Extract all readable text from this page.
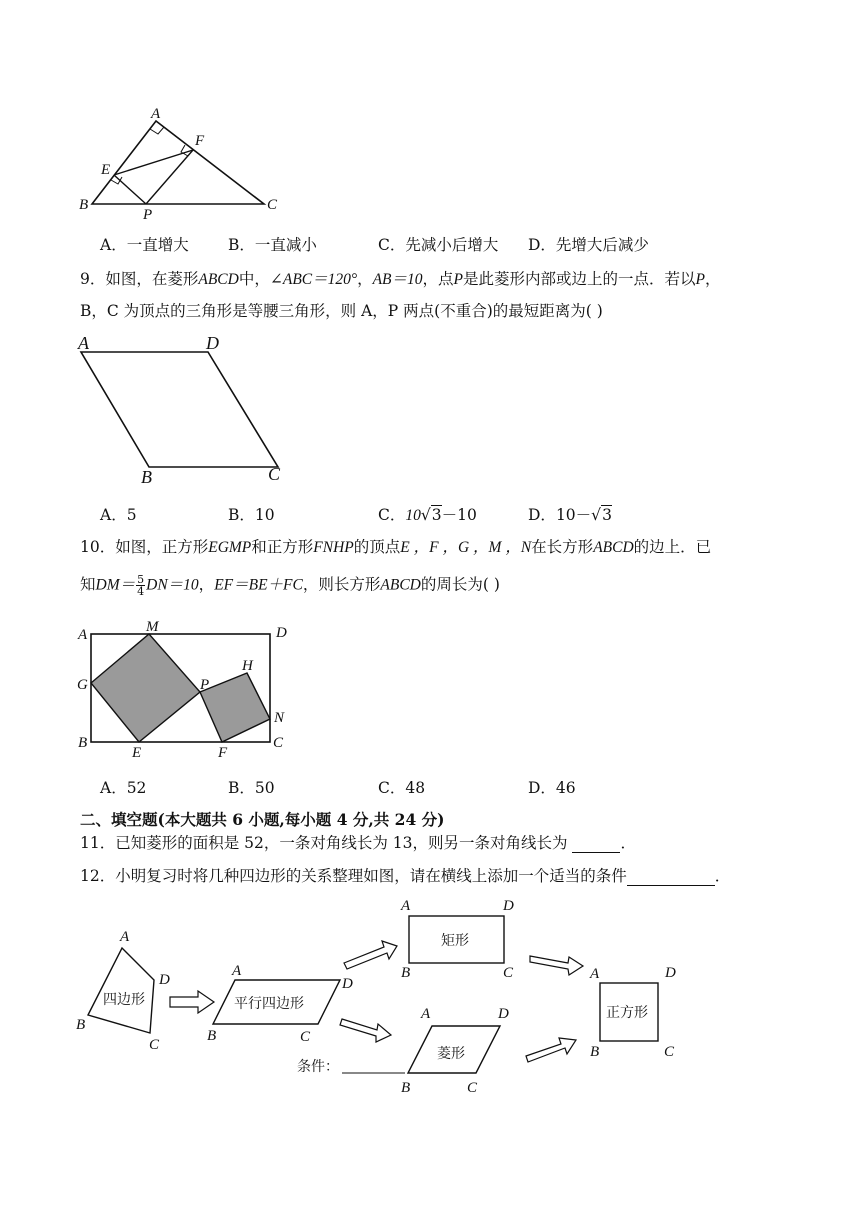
A
F
E
B
P
C
A．一直增大	B．一直减小	C．先减小后增大 D．先增大后减少
9．如图，在菱形ABCD中，∠ABC＝120°，AB＝10，点P是此菱形内部或边上的一点．若以P，
B，C 为顶点的三角形是等腰三角形，则 A，P 两点(不重合)的最短距离为( )
A	D
B	C
A．5	B．10	C．10√3－10	D．10－√3
10．如图，正方形EGMP和正方形FNHP的顶点E ，F ，G ，M ，N在长方形ABCD的边上．已
知$DM= \frac{5}{4} DN=10$，EF＝BE＋FC，则长方形ABCD的周长为( )
A	M	D
G	P
H
N
B
E	F
C
A．52	B．50	C．48	D．46
二、填空题(本大题共 6 小题,每小题 4 分,共 24 分)
11．已知菱形的面积是 52，一条对角线长为 13，则另一条对角线长为	．
12．小明复习时将几种四边形的关系整理如图，请在横线上添加一个适当的条件	．
四边形
A
D
B
C
平行四边形
A
D
B	C
矩形
A	D
B	C
菱形
A	D
B	C
正方形
A	D
B	C
条件：
